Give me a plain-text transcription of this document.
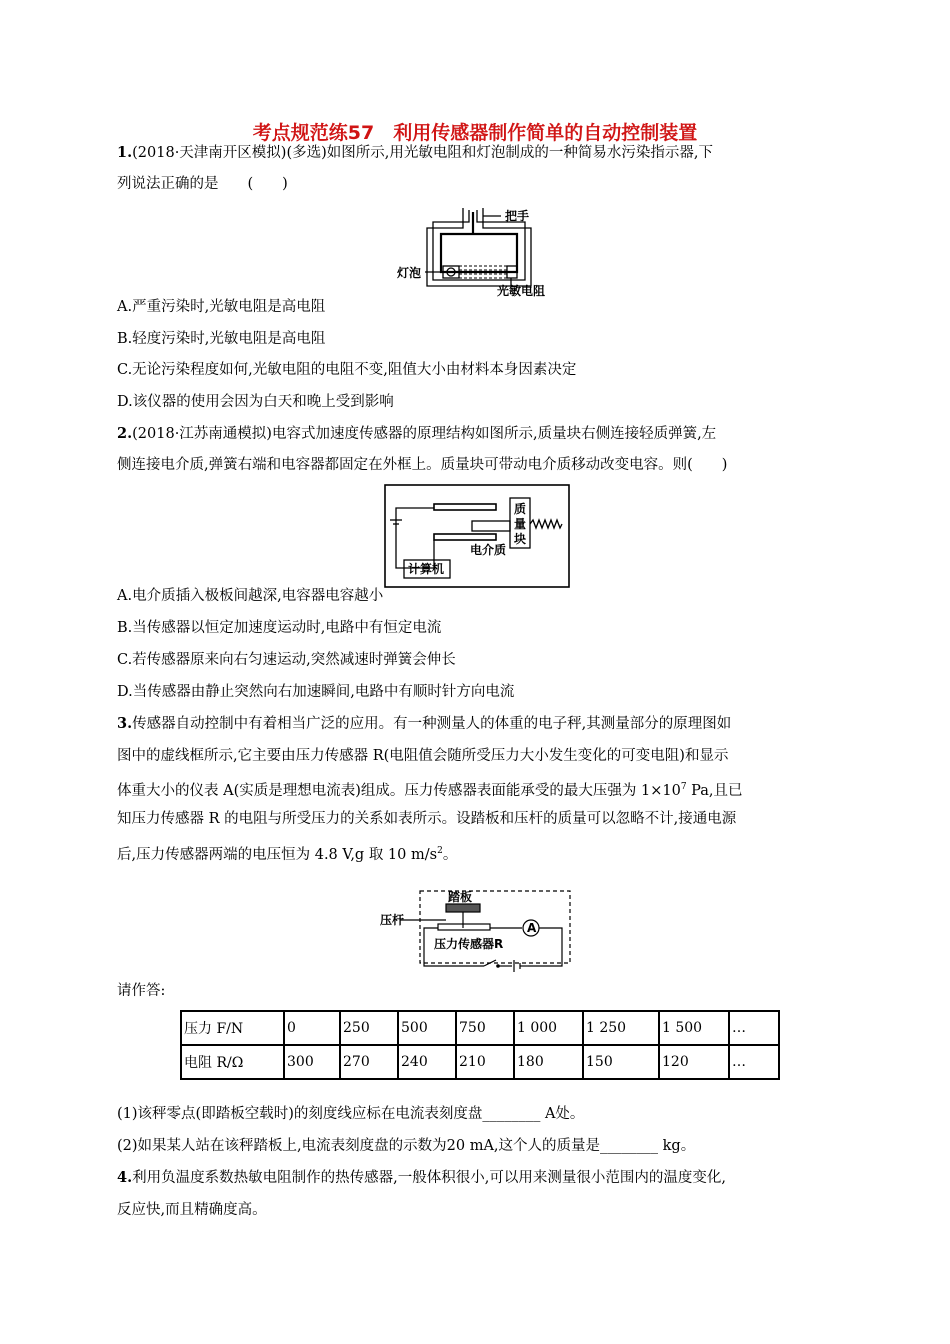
考点规范练57　利用传感器制作简单的自动控制装置
1.(2018·天津南开区模拟)(多选)如图所示,用光敏电阻和灯泡制成的一种简易水污染指示器,下
列说法正确的是　　(　　)
把手
灯泡
光敏电阻
A.严重污染时,光敏电阻是高电阻
B.轻度污染时,光敏电阻是高电阻
C.无论污染程度如何,光敏电阻的电阻不变,阻值大小由材料本身因素决定
D.该仪器的使用会因为白天和晚上受到影响
2.(2018·江苏南通模拟)电容式加速度传感器的原理结构如图所示,质量块右侧连接轻质弹簧,左
侧连接电介质,弹簧右端和电容器都固定在外框上。质量块可带动电介质移动改变电容。则(　　)
质
量
块
电介质
计算机
A.电介质插入极板间越深,电容器电容越小
B.当传感器以恒定加速度运动时,电路中有恒定电流
C.若传感器原来向右匀速运动,突然减速时弹簧会伸长
D.当传感器由静止突然向右加速瞬间,电路中有顺时针方向电流
3.传感器自动控制中有着相当广泛的应用。有一种测量人的体重的电子秤,其测量部分的原理图如
图中的虚线框所示,它主要由压力传感器 R(电阻值会随所受压力大小发生变化的可变电阻)和显示
体重大小的仪表 A(实质是理想电流表)组成。压力传感器表面能承受的最大压强为 $1\times 10^7$ Pa,且已
知压力传感器 R 的电阻与所受压力的关系如表所示。设踏板和压杆的质量可以忽略不计,接通电源
后,压力传感器两端的电压恒为 4.8 V,g 取 10 $m/s^2$。
踏板
压杆
压力传感器R
A
请作答:
压力 F/N	0	250	500	750	1 000	1 250	1 500	…
电阻 R/Ω	300	270	240	210	180	150	120	…
(1)该秤零点(即踏板空载时)的刻度线应标在电流表刻度盘________ A处。
(2)如果某人站在该秤踏板上,电流表刻度盘的示数为20 mA,这个人的质量是________ kg。
4.利用负温度系数热敏电阻制作的热传感器,一般体积很小,可以用来测量很小范围内的温度变化,
反应快,而且精确度高。
